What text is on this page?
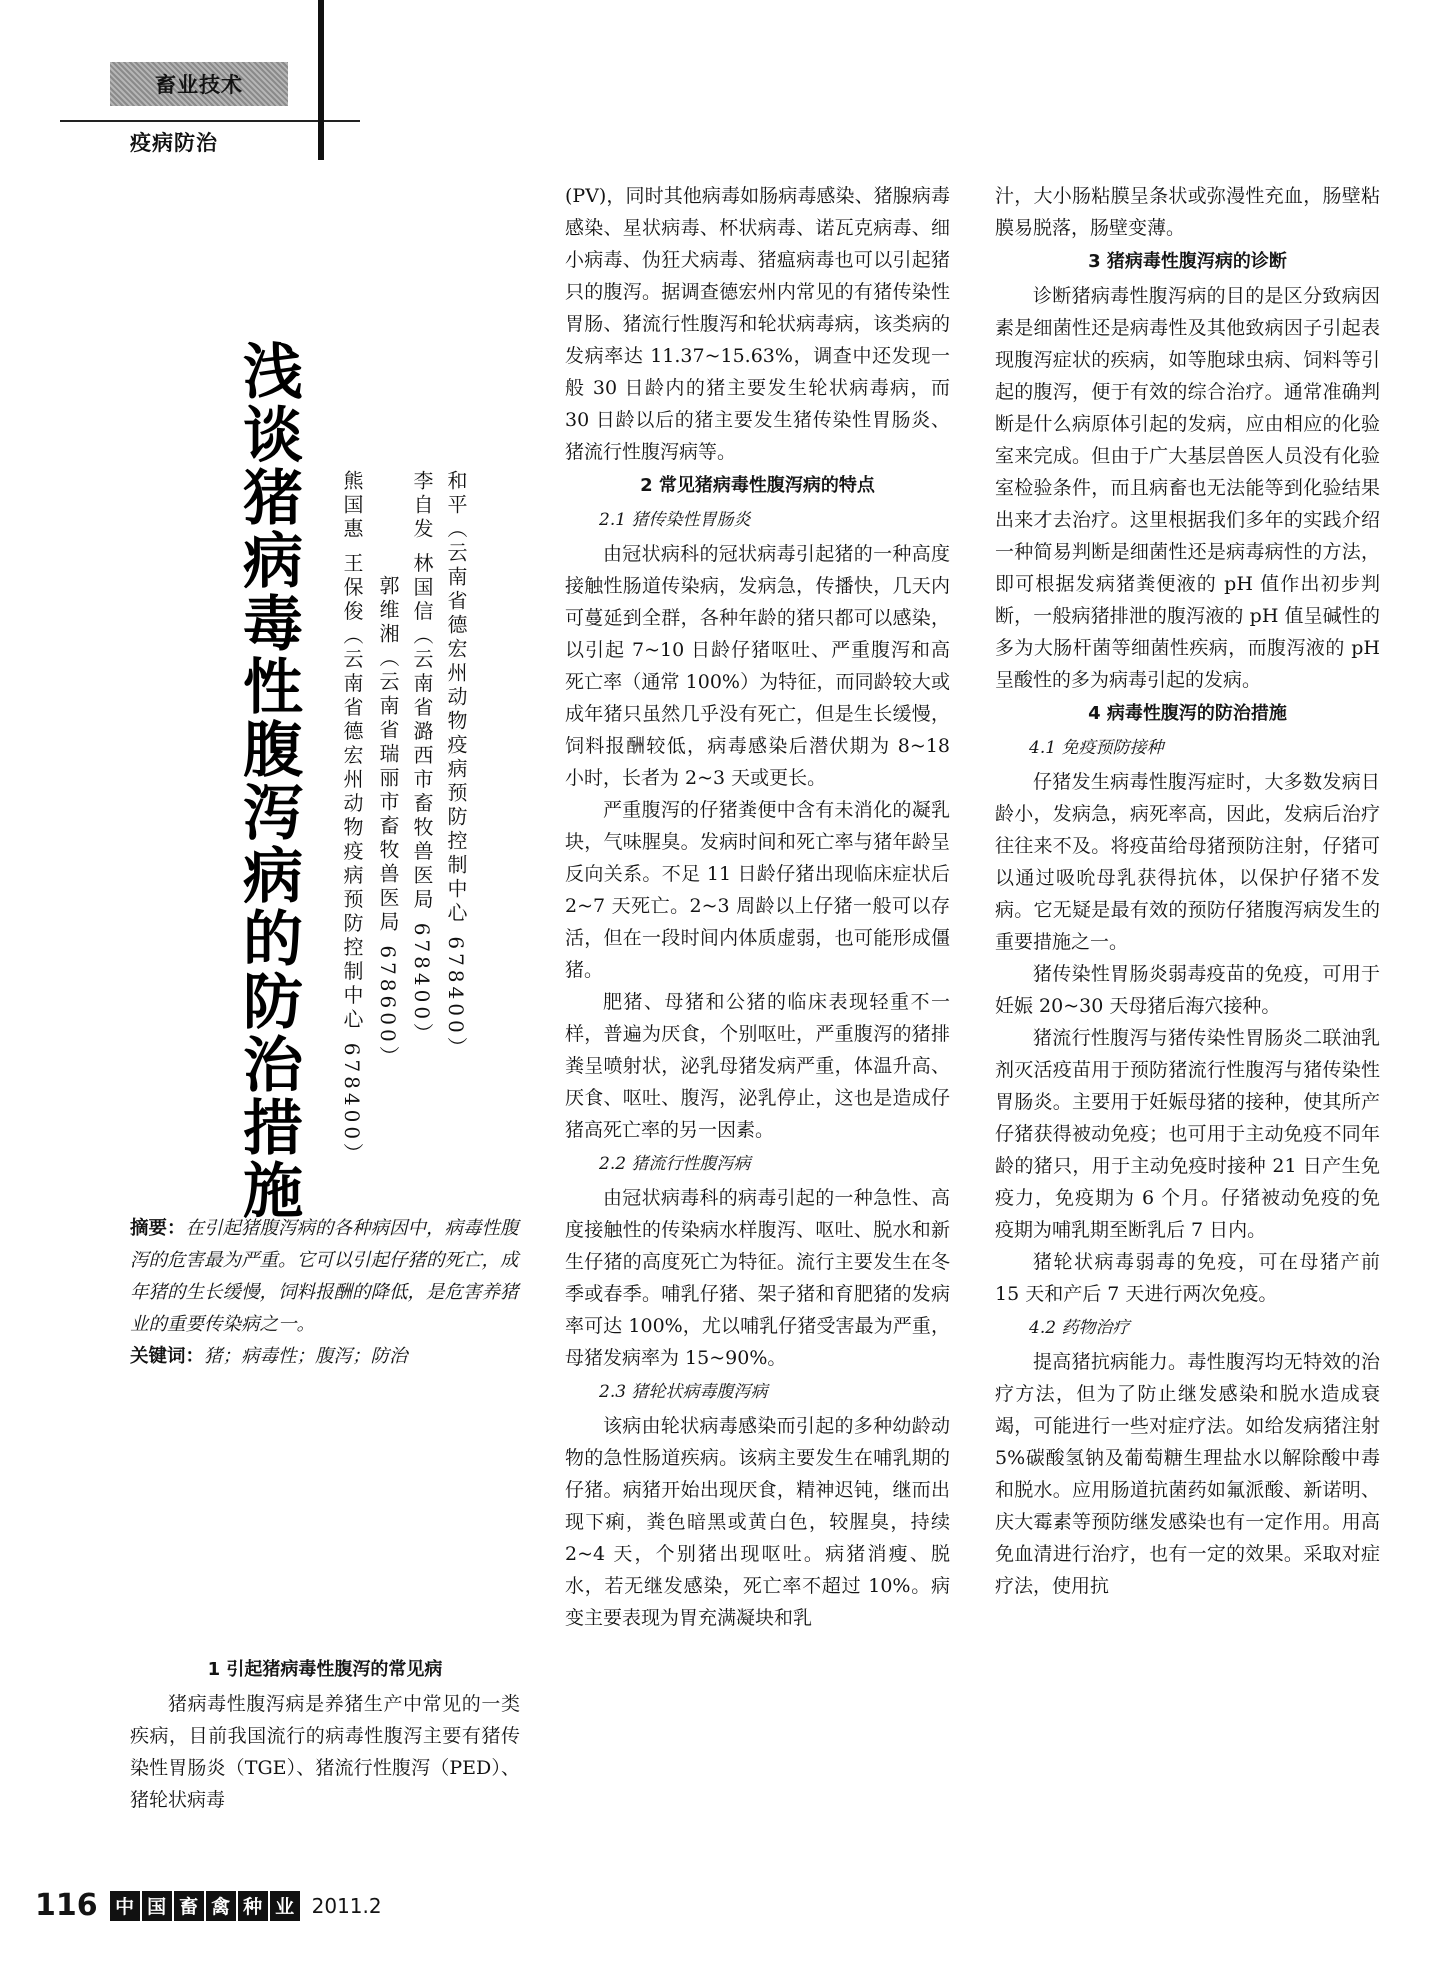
畜业技术
疫病防治
浅谈猪病毒性腹泻病的防治措施	和平（云南省德宏州动物疫病预防控制中心 678400）
李自发 林国信（云南省潞西市畜牧兽医局 678400）
郭维湘（云南省瑞丽市畜牧兽医局 678600）
熊国惠 王保俊（云南省德宏州动物疫病预防控制中心 678400）
摘要：在引起猪腹泻病的各种病因中，病毒性腹泻的危害最为严重。它可以引起仔猪的死亡，成年猪的生长缓慢，饲料报酬的降低，是危害养猪业的重要传染病之一。
关键词：猪；病毒性；腹泻；防治
1 引起猪病毒性腹泻的常见病

猪病毒性腹泻病是养猪生产中常见的一类疾病，目前我国流行的病毒性腹泻主要有猪传染性胃肠炎（TGE）、猪流行性腹泻（PED）、猪轮状病毒

(PV)，同时其他病毒如肠病毒感染、猪腺病毒感染、星状病毒、杯状病毒、诺瓦克病毒、细小病毒、伪狂犬病毒、猪瘟病毒也可以引起猪只的腹泻。据调查德宏州内常见的有猪传染性胃肠、猪流行性腹泻和轮状病毒病，该类病的发病率达 11.37~15.63%，调查中还发现一般 30 日龄内的猪主要发生轮状病毒病，而 30 日龄以后的猪主要发生猪传染性胃肠炎、猪流行性腹泻病等。

2 常见猪病毒性腹泻病的特点
2.1 猪传染性胃肠炎

由冠状病科的冠状病毒引起猪的一种高度接触性肠道传染病，发病急，传播快，几天内可蔓延到全群，各种年龄的猪只都可以感染，以引起 7~10 日龄仔猪呕吐、严重腹泻和高死亡率（通常 100%）为特征，而同龄较大或成年猪只虽然几乎没有死亡，但是生长缓慢，饲料报酬较低，病毒感染后潜伏期为 8~18 小时，长者为 2~3 天或更长。

严重腹泻的仔猪粪便中含有未消化的凝乳块，气味腥臭。发病时间和死亡率与猪年龄呈反向关系。不足 11 日龄仔猪出现临床症状后 2~7 天死亡。2~3 周龄以上仔猪一般可以存活，但在一段时间内体质虚弱，也可能形成僵猪。

肥猪、母猪和公猪的临床表现轻重不一样，普遍为厌食，个别呕吐，严重腹泻的猪排粪呈喷射状，泌乳母猪发病严重，体温升高、厌食、呕吐、腹泻，泌乳停止，这也是造成仔猪高死亡率的另一因素。

2.2 猪流行性腹泻病

由冠状病毒科的病毒引起的一种急性、高度接触性的传染病水样腹泻、呕吐、脱水和新生仔猪的高度死亡为特征。流行主要发生在冬季或春季。哺乳仔猪、架子猪和育肥猪的发病率可达 100%，尤以哺乳仔猪受害最为严重，母猪发病率为 15~90%。

2.3 猪轮状病毒腹泻病

该病由轮状病毒感染而引起的多种幼龄动物的急性肠道疾病。该病主要发生在哺乳期的仔猪。病猪开始出现厌食，精神迟钝，继而出现下痢，粪色暗黑或黄白色，较腥臭，持续 2~4 天，个别猪出现呕吐。病猪消瘦、脱水，若无继发感染，死亡率不超过 10%。病变主要表现为胃充满凝块和乳

汁，大小肠粘膜呈条状或弥漫性充血，肠壁粘膜易脱落，肠壁变薄。

3 猪病毒性腹泻病的诊断

诊断猪病毒性腹泻病的目的是区分致病因素是细菌性还是病毒性及其他致病因子引起表现腹泻症状的疾病，如等胞球虫病、饲料等引起的腹泻，便于有效的综合治疗。通常准确判断是什么病原体引起的发病，应由相应的化验室来完成。但由于广大基层兽医人员没有化验室检验条件，而且病畜也无法能等到化验结果出来才去治疗。这里根据我们多年的实践介绍一种简易判断是细菌性还是病毒病性的方法，即可根据发病猪粪便液的 pH 值作出初步判断，一般病猪排泄的腹泻液的 pH 值呈碱性的多为大肠杆菌等细菌性疾病，而腹泻液的 pH 呈酸性的多为病毒引起的发病。

4 病毒性腹泻的防治措施
4.1 免疫预防接种

仔猪发生病毒性腹泻症时，大多数发病日龄小，发病急，病死率高，因此，发病后治疗往往来不及。将疫苗给母猪预防注射，仔猪可以通过吸吮母乳获得抗体，以保护仔猪不发病。它无疑是最有效的预防仔猪腹泻病发生的重要措施之一。

猪传染性胃肠炎弱毒疫苗的免疫，可用于妊娠 20~30 天母猪后海穴接种。

猪流行性腹泻与猪传染性胃肠炎二联油乳剂灭活疫苗用于预防猪流行性腹泻与猪传染性胃肠炎。主要用于妊娠母猪的接种，使其所产仔猪获得被动免疫；也可用于主动免疫不同年龄的猪只，用于主动免疫时接种 21 日产生免疫力，免疫期为 6 个月。仔猪被动免疫的免疫期为哺乳期至断乳后 7 日内。

猪轮状病毒弱毒的免疫，可在母猪产前 15 天和产后 7 天进行两次免疫。

4.2 药物治疗

提高猪抗病能力。毒性腹泻均无特效的治疗方法，但为了防止继发感染和脱水造成衰竭，可能进行一些对症疗法。如给发病猪注射 5%碳酸氢钠及葡萄糖生理盐水以解除酸中毒和脱水。应用肠道抗菌药如氟派酸、新诺明、庆大霉素等预防继发感染也有一定作用。用高免血清进行治疗，也有一定的效果。采取对症疗法，使用抗

116 中 国 畜 禽 种 业 2011.2
